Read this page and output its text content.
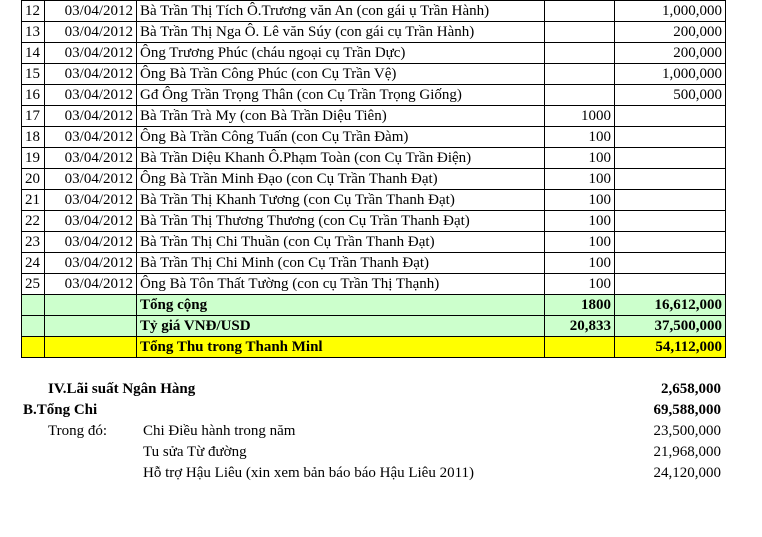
12	03/04/2012	Bà Trần Thị Tích Ô.Trương văn An (con gái ụ Trần Hành)		1,000,000
13	03/04/2012	Bà Trần Thị Nga Ô. Lê văn Súy (con gái cụ Trần Hành)		200,000
14	03/04/2012	Ông Trương Phúc (cháu ngoại cụ Trần Dực)		200,000
15	03/04/2012	Ông Bà Trần Công Phúc (con Cụ Trần Vệ)		1,000,000
16	03/04/2012	Gđ Ông Trần Trọng Thân (con Cụ Trần Trọng Giống)		500,000
17	03/04/2012	Bà Trần Trà My (con Bà Trần Diệu Tiên)	1000	
18	03/04/2012	Ông Bà Trần Công Tuấn (con Cụ Trần Đàm)	100	
19	03/04/2012	Bà Trần Diệu Khanh Ô.Phạm Toàn (con Cụ Trần Điện)	100	
20	03/04/2012	Ông Bà Trần Minh Đạo (con Cụ Trần Thanh Đạt)	100	
21	03/04/2012	Bà Trần Thị Khanh Tương (con Cụ Trần Thanh Đạt)	100	
22	03/04/2012	Bà Trần Thị Thương Thương (con Cụ Trần Thanh Đạt)	100	
23	03/04/2012	Bà Trần Thị Chi Thuần (con Cụ Trần Thanh Đạt)	100	
24	03/04/2012	Bà Trần Thị Chi Minh (con Cụ Trần Thanh Đạt)	100	
25	03/04/2012	Ông Bà Tôn Thất Tường (con cụ Trần Thị Thạnh)	100	
		Tổng cộng	1800	16,612,000
		Tỷ giá VNĐ/USD	20,833	37,500,000
		Tổng Thu trong Thanh Minl		54,112,000
IV.Lãi suất Ngân Hàng	2,658,000
B.Tổng Chi	69,588,000
Trong đó: Chi Điều hành trong năm	23,500,000
Tu sửa Từ đường	21,968,000
Hỗ trợ Hậu Liêu (xin xem bản báo báo Hậu Liêu 2011)	24,120,000
